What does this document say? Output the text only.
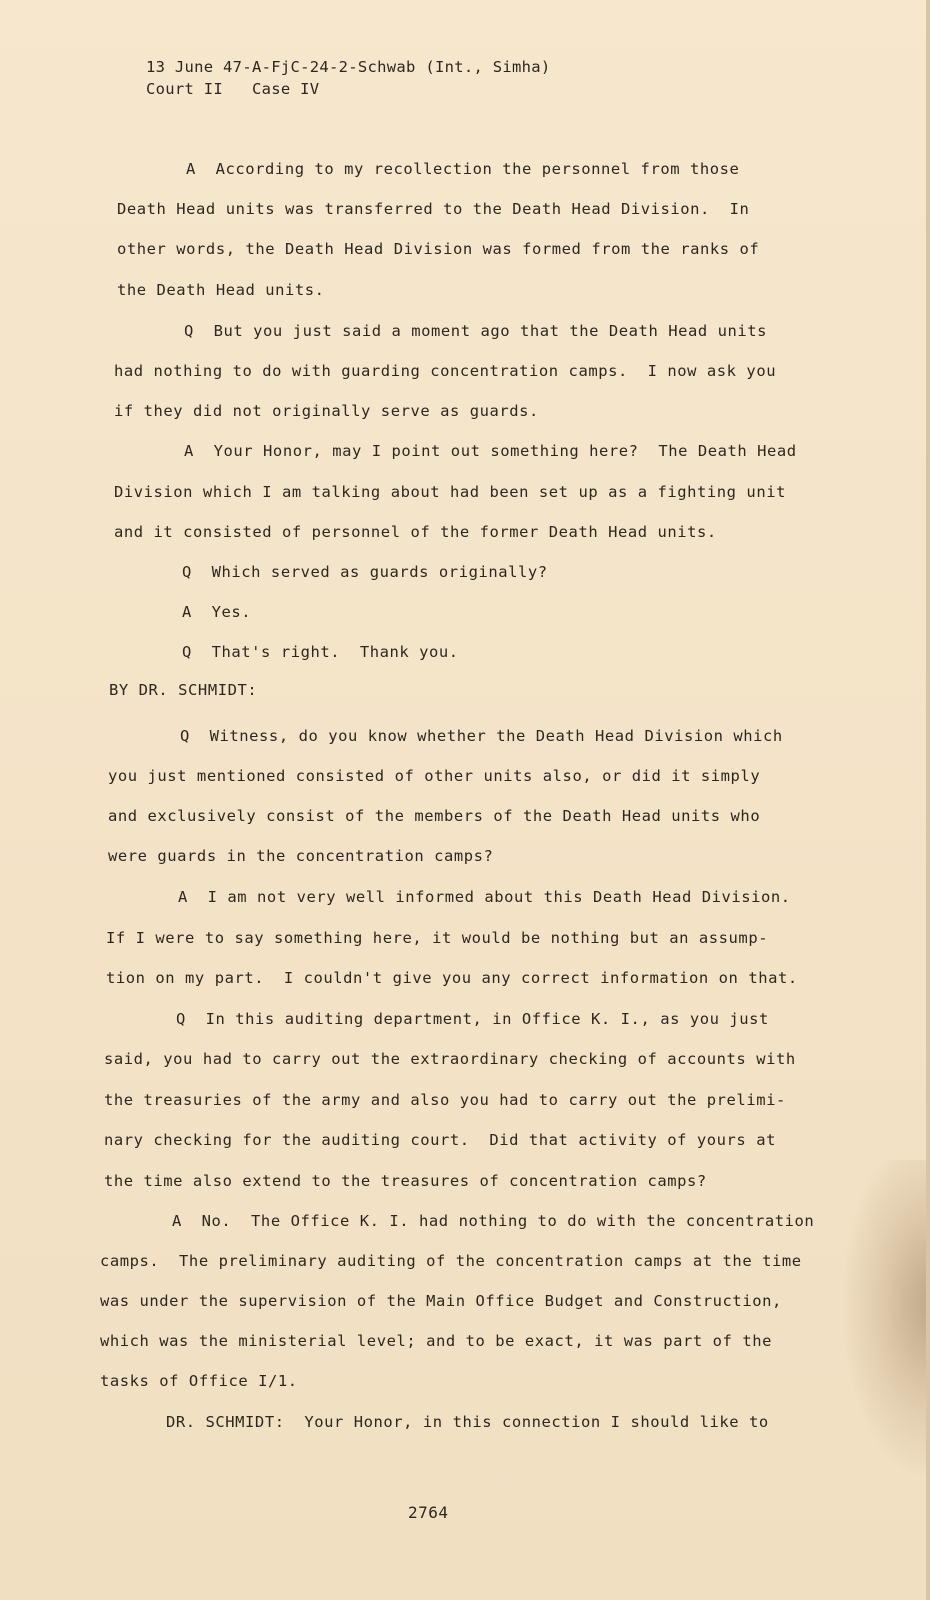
13 June 47-A-FjC-24-2-Schwab (Int., Simha)
Court II   Case IV
A  According to my recollection the personnel from those
Death Head units was transferred to the Death Head Division.  In
other words, the Death Head Division was formed from the ranks of
the Death Head units.
Q  But you just said a moment ago that the Death Head units
had nothing to do with guarding concentration camps.  I now ask you
if they did not originally serve as guards.
A  Your Honor, may I point out something here?  The Death Head
Division which I am talking about had been set up as a fighting unit
and it consisted of personnel of the former Death Head units.
Q  Which served as guards originally?
A  Yes.
Q  That's right.  Thank you.
BY DR. SCHMIDT:
Q  Witness, do you know whether the Death Head Division which
you just mentioned consisted of other units also, or did it simply
and exclusively consist of the members of the Death Head units who
were guards in the concentration camps?
A  I am not very well informed about this Death Head Division.
If I were to say something here, it would be nothing but an assump-
tion on my part.  I couldn't give you any correct information on that.
Q  In this auditing department, in Office K. I., as you just
said, you had to carry out the extraordinary checking of accounts with
the treasuries of the army and also you had to carry out the prelimi-
nary checking for the auditing court.  Did that activity of yours at
the time also extend to the treasures of concentration camps?
A  No.  The Office K. I. had nothing to do with the concentration
camps.  The preliminary auditing of the concentration camps at the time
was under the supervision of the Main Office Budget and Construction,
which was the ministerial level; and to be exact, it was part of the
tasks of Office I/1.
DR. SCHMIDT:  Your Honor, in this connection I should like to
2764
